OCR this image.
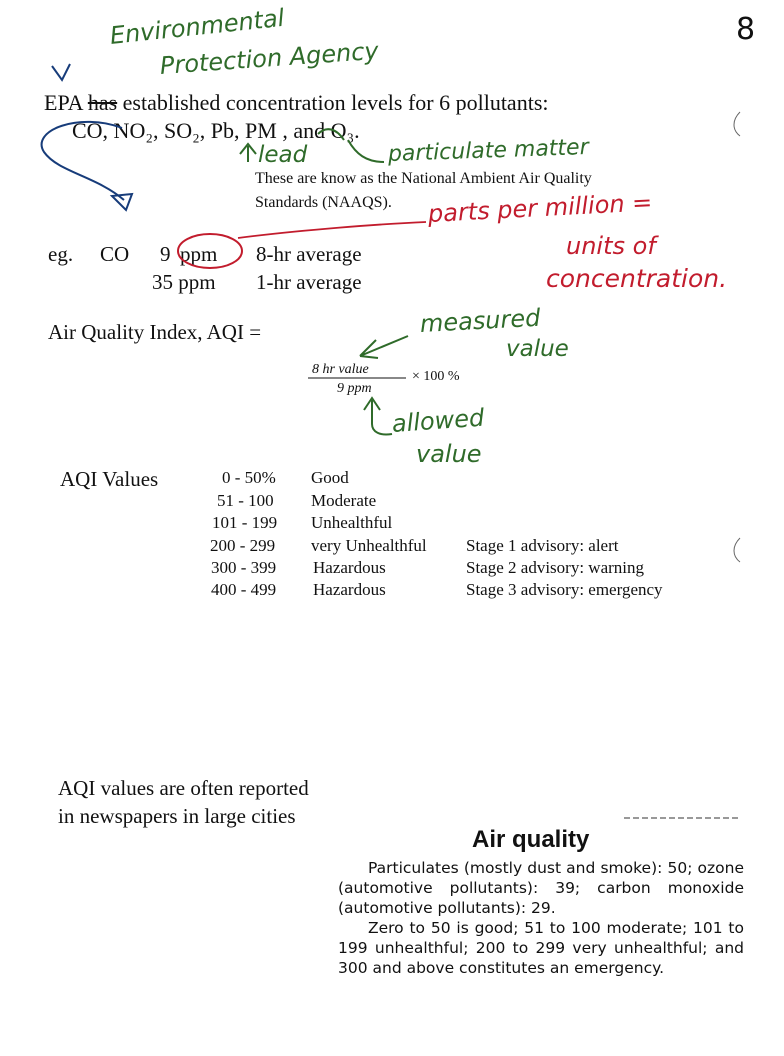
8
Environmental
Protection Agency
EPA has established concentration levels for 6 pollutants:
CO, NO₂, SO₂, Pb, PM , and O₃.
lead	particulate matter
These are know as the National Ambient Air Quality
Standards (NAAQS). parts per million =
units of
concentration.
eg. CO 9 ppm 8-hr average
35 ppm 1-hr average
Air Quality Index, AQI =	measured
value
8 hr value
9 ppm
× 100 %
allowed
value
AQI Values	0 - 50% Good
51 - 100 Moderate
101 - 199 Unhealthful
200 - 299 very Unhealthful Stage 1 advisory: alert
300 - 399 Hazardous	Stage 2 advisory: warning
400 - 499 Hazardous	Stage 3 advisory: emergency
AQI values are often reported
in newspapers in large cities
Air quality

Particulates (mostly dust and smoke): 50; ozone (automotive pollutants): 39; carbon monoxide (automotive pollutants): 29.

Zero to 50 is good; 51 to 100 moderate; 101 to 199 unhealthful; 200 to 299 very unhealthful; and 300 and above constitutes an emergency.
